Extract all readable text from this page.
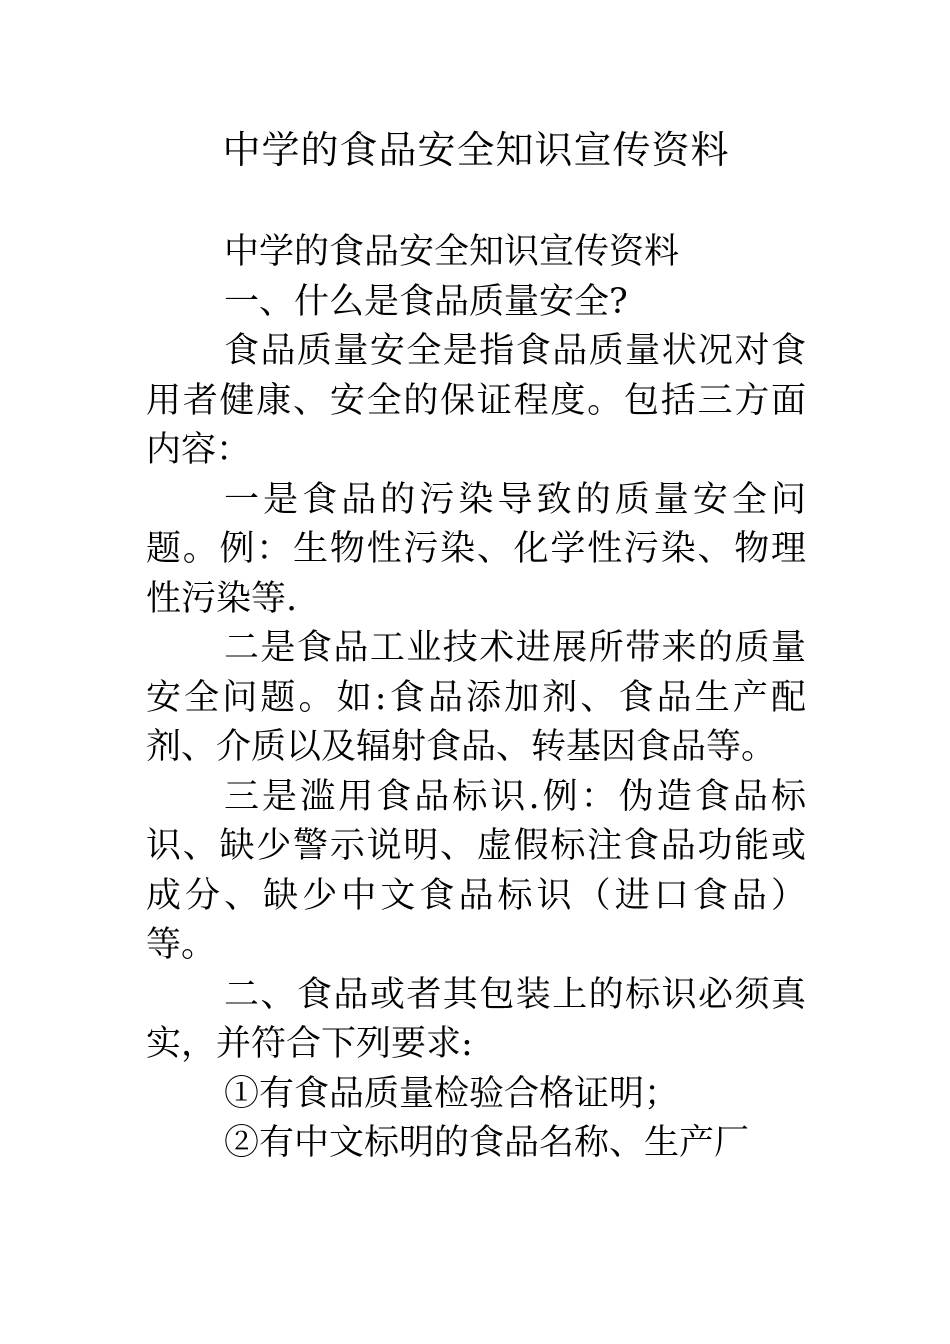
中学的食品安全知识宣传资料

中学的食品安全知识宣传资料

一、什么是食品质量安全?

食品质量安全是指食品质量状况对食用者健康、安全的保证程度。包括三方面内容：

一是食品的污染导致的质量安全问题。例：生物性污染、化学性污染、物理性污染等.

二是食品工业技术进展所带来的质量安全问题。如:食品添加剂、食品生产配剂、介质以及辐射食品、转基因食品等。

三是滥用食品标识.例：伪造食品标识、缺少警示说明、虚假标注食品功能或成分、缺少中文食品标识（进口食品）等。

二、食品或者其包装上的标识必须真实，并符合下列要求:

①有食品质量检验合格证明；

②有中文标明的食品名称、生产厂
